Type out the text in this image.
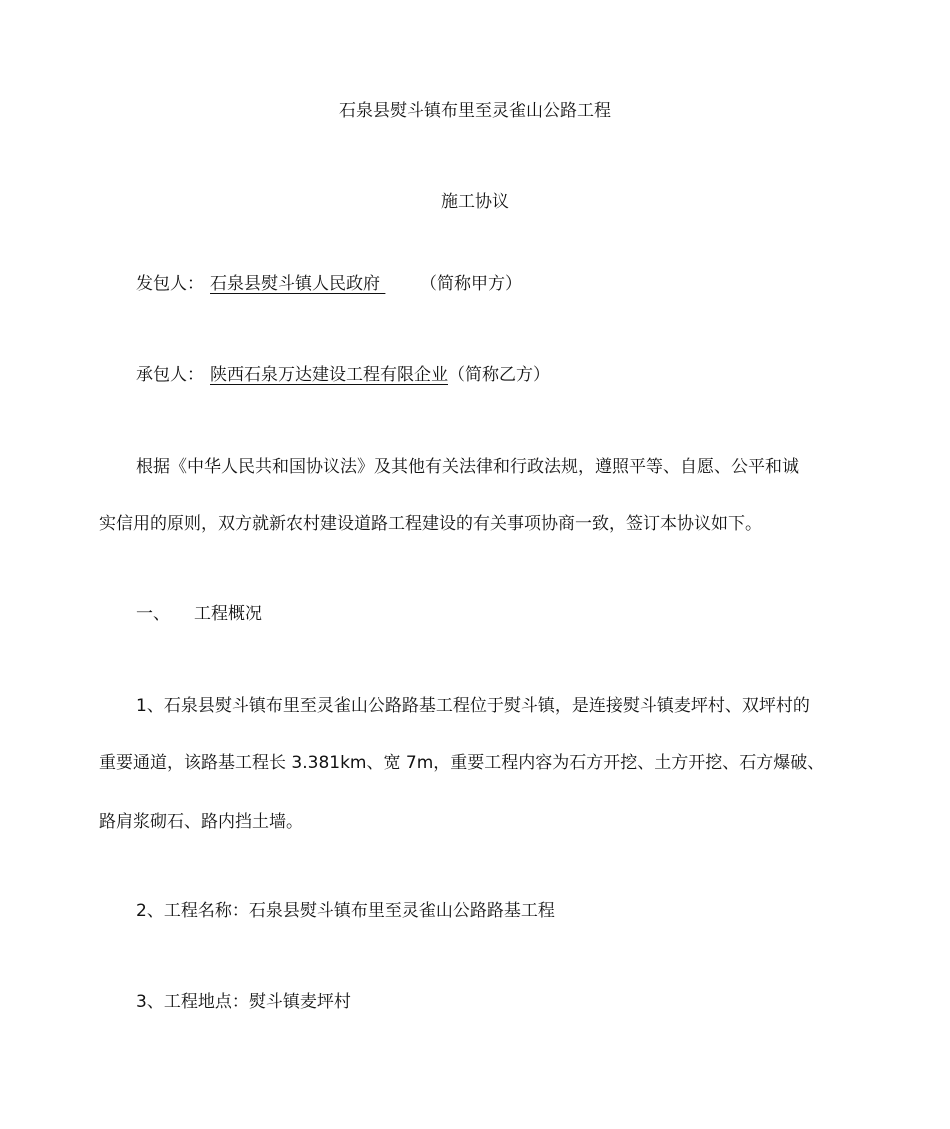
石泉县熨斗镇布里至灵雀山公路工程
施工协议
发包人： 石泉县熨斗镇人民政府 （简称甲方）
承包人： 陕西石泉万达建设工程有限企业（简称乙方）
根据《中华人民共和国协议法》及其他有关法律和行政法规，遵照平等、自愿、公平和诚
实信用的原则，双方就新农村建设道路工程建设的有关事项协商一致，签订本协议如下。
一、 工程概况
1、石泉县熨斗镇布里至灵雀山公路路基工程位于熨斗镇，是连接熨斗镇麦坪村、双坪村的
重要通道，该路基工程长 3.381km、宽 7m，重要工程内容为石方开挖、土方开挖、石方爆破、
路肩浆砌石、路内挡土墙。
2、工程名称：石泉县熨斗镇布里至灵雀山公路路基工程
3、工程地点：熨斗镇麦坪村
